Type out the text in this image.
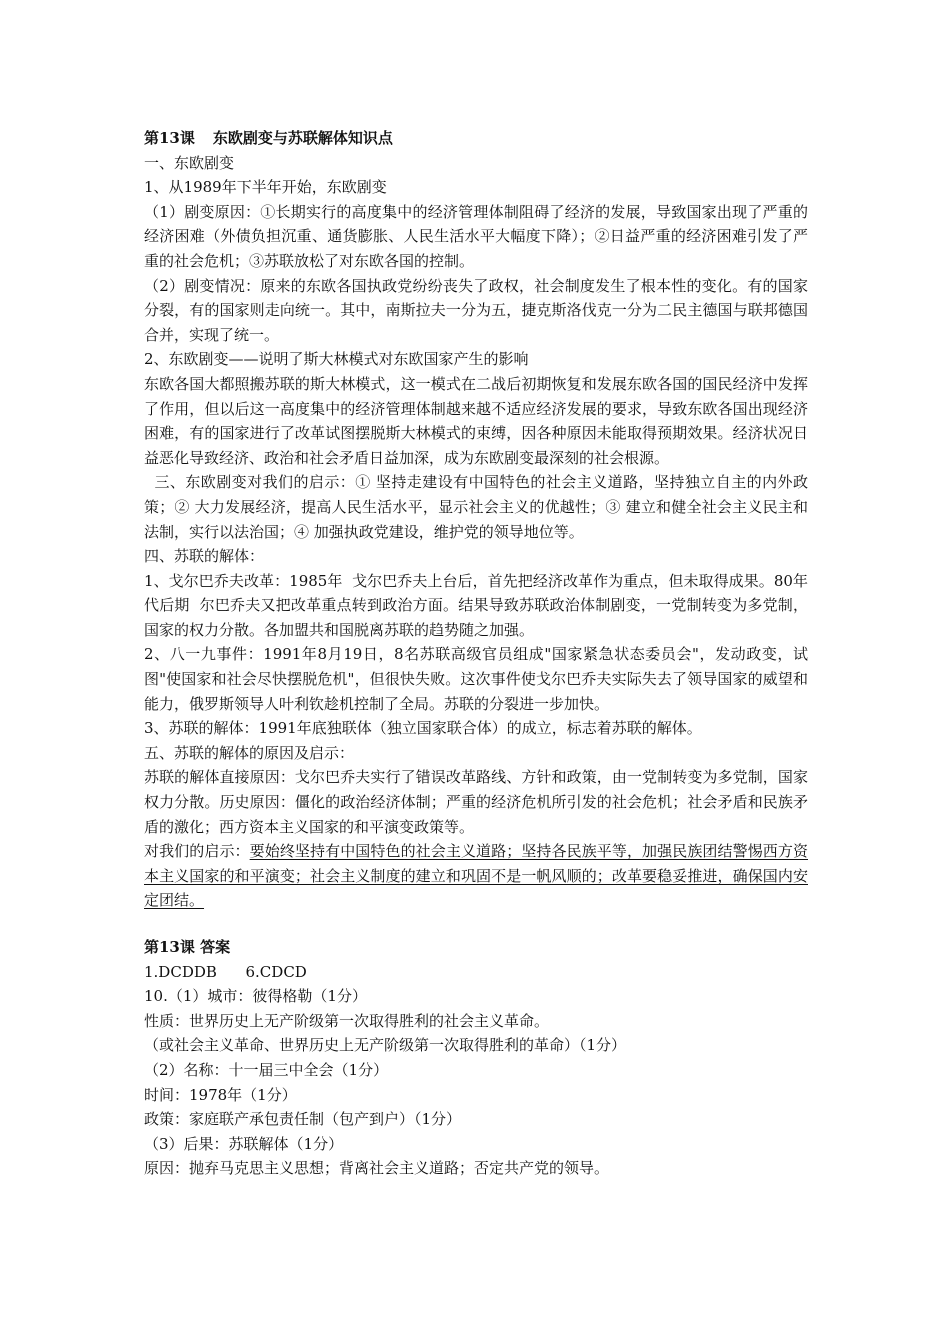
第13课 东欧剧变与苏联解体知识点

一、东欧剧变

1、从1989年下半年开始，东欧剧变

（1）剧变原因：①长期实行的高度集中的经济管理体制阻碍了经济的发展，导致国家出现了严重的经济困难（外债负担沉重、通货膨胀、人民生活水平大幅度下降）；②日益严重的经济困难引发了严重的社会危机；③苏联放松了对东欧各国的控制。

（2）剧变情况：原来的东欧各国执政党纷纷丧失了政权，社会制度发生了根本性的变化。有的国家分裂，有的国家则走向统一。其中，南斯拉夫一分为五，捷克斯洛伐克一分为二民主德国与联邦德国合并，实现了统一。

2、东欧剧变——说明了斯大林模式对东欧国家产生的影响

东欧各国大都照搬苏联的斯大林模式，这一模式在二战后初期恢复和发展东欧各国的国民经济中发挥了作用，但以后这一高度集中的经济管理体制越来越不适应经济发展的要求，导致东欧各国出现经济困难，有的国家进行了改革试图摆脱斯大林模式的束缚，因各种原因未能取得预期效果。经济状况日益恶化导致经济、政治和社会矛盾日益加深，成为东欧剧变最深刻的社会根源。

三、东欧剧变对我们的启示：① 坚持走建设有中国特色的社会主义道路，坚持独立自主的内外政策；② 大力发展经济，提高人民生活水平，显示社会主义的优越性；③ 建立和健全社会主义民主和法制，实行以法治国；④ 加强执政党建设，维护党的领导地位等。

四、苏联的解体：

1、戈尔巴乔夫改革：1985年  戈尔巴乔夫上台后，首先把经济改革作为重点，但未取得成果。80年代后期  尔巴乔夫又把改革重点转到政治方面。结果导致苏联政治体制剧变，一党制转变为多党制，国家的权力分散。各加盟共和国脱离苏联的趋势随之加强。

2、八一九事件：1991年8月19日，8名苏联高级官员组成"国家紧急状态委员会"，发动政变，试图"使国家和社会尽快摆脱危机"，但很快失败。这次事件使戈尔巴乔夫实际失去了领导国家的威望和能力，俄罗斯领导人叶利钦趁机控制了全局。苏联的分裂进一步加快。

3、苏联的解体：1991年底独联体（独立国家联合体）的成立，标志着苏联的解体。

五、苏联的解体的原因及启示：

苏联的解体直接原因：戈尔巴乔夫实行了错误改革路线、方针和政策，由一党制转变为多党制，国家权力分散。历史原因：僵化的政治经济体制；严重的经济危机所引发的社会危机；社会矛盾和民族矛盾的激化；西方资本主义国家的和平演变政策等。

对我们的启示：要始终坚持有中国特色的社会主义道路；坚持各民族平等，加强民族团结警惕西方资本主义国家的和平演变；社会主义制度的建立和巩固不是一帆风顺的；改革要稳妥推进，确保国内安定团结。

第13课 答案

1.DCDDB      6.CDCD

10.（1）城市：彼得格勒（1分）

性质：世界历史上无产阶级第一次取得胜利的社会主义革命。

（或社会主义革命、世界历史上无产阶级第一次取得胜利的革命）（1分）

（2）名称：十一届三中全会（1分）

时间：1978年（1分）

政策：家庭联产承包责任制（包产到户）（1分）

（3）后果：苏联解体（1分）

原因：抛弃马克思主义思想；背离社会主义道路；否定共产党的领导。
